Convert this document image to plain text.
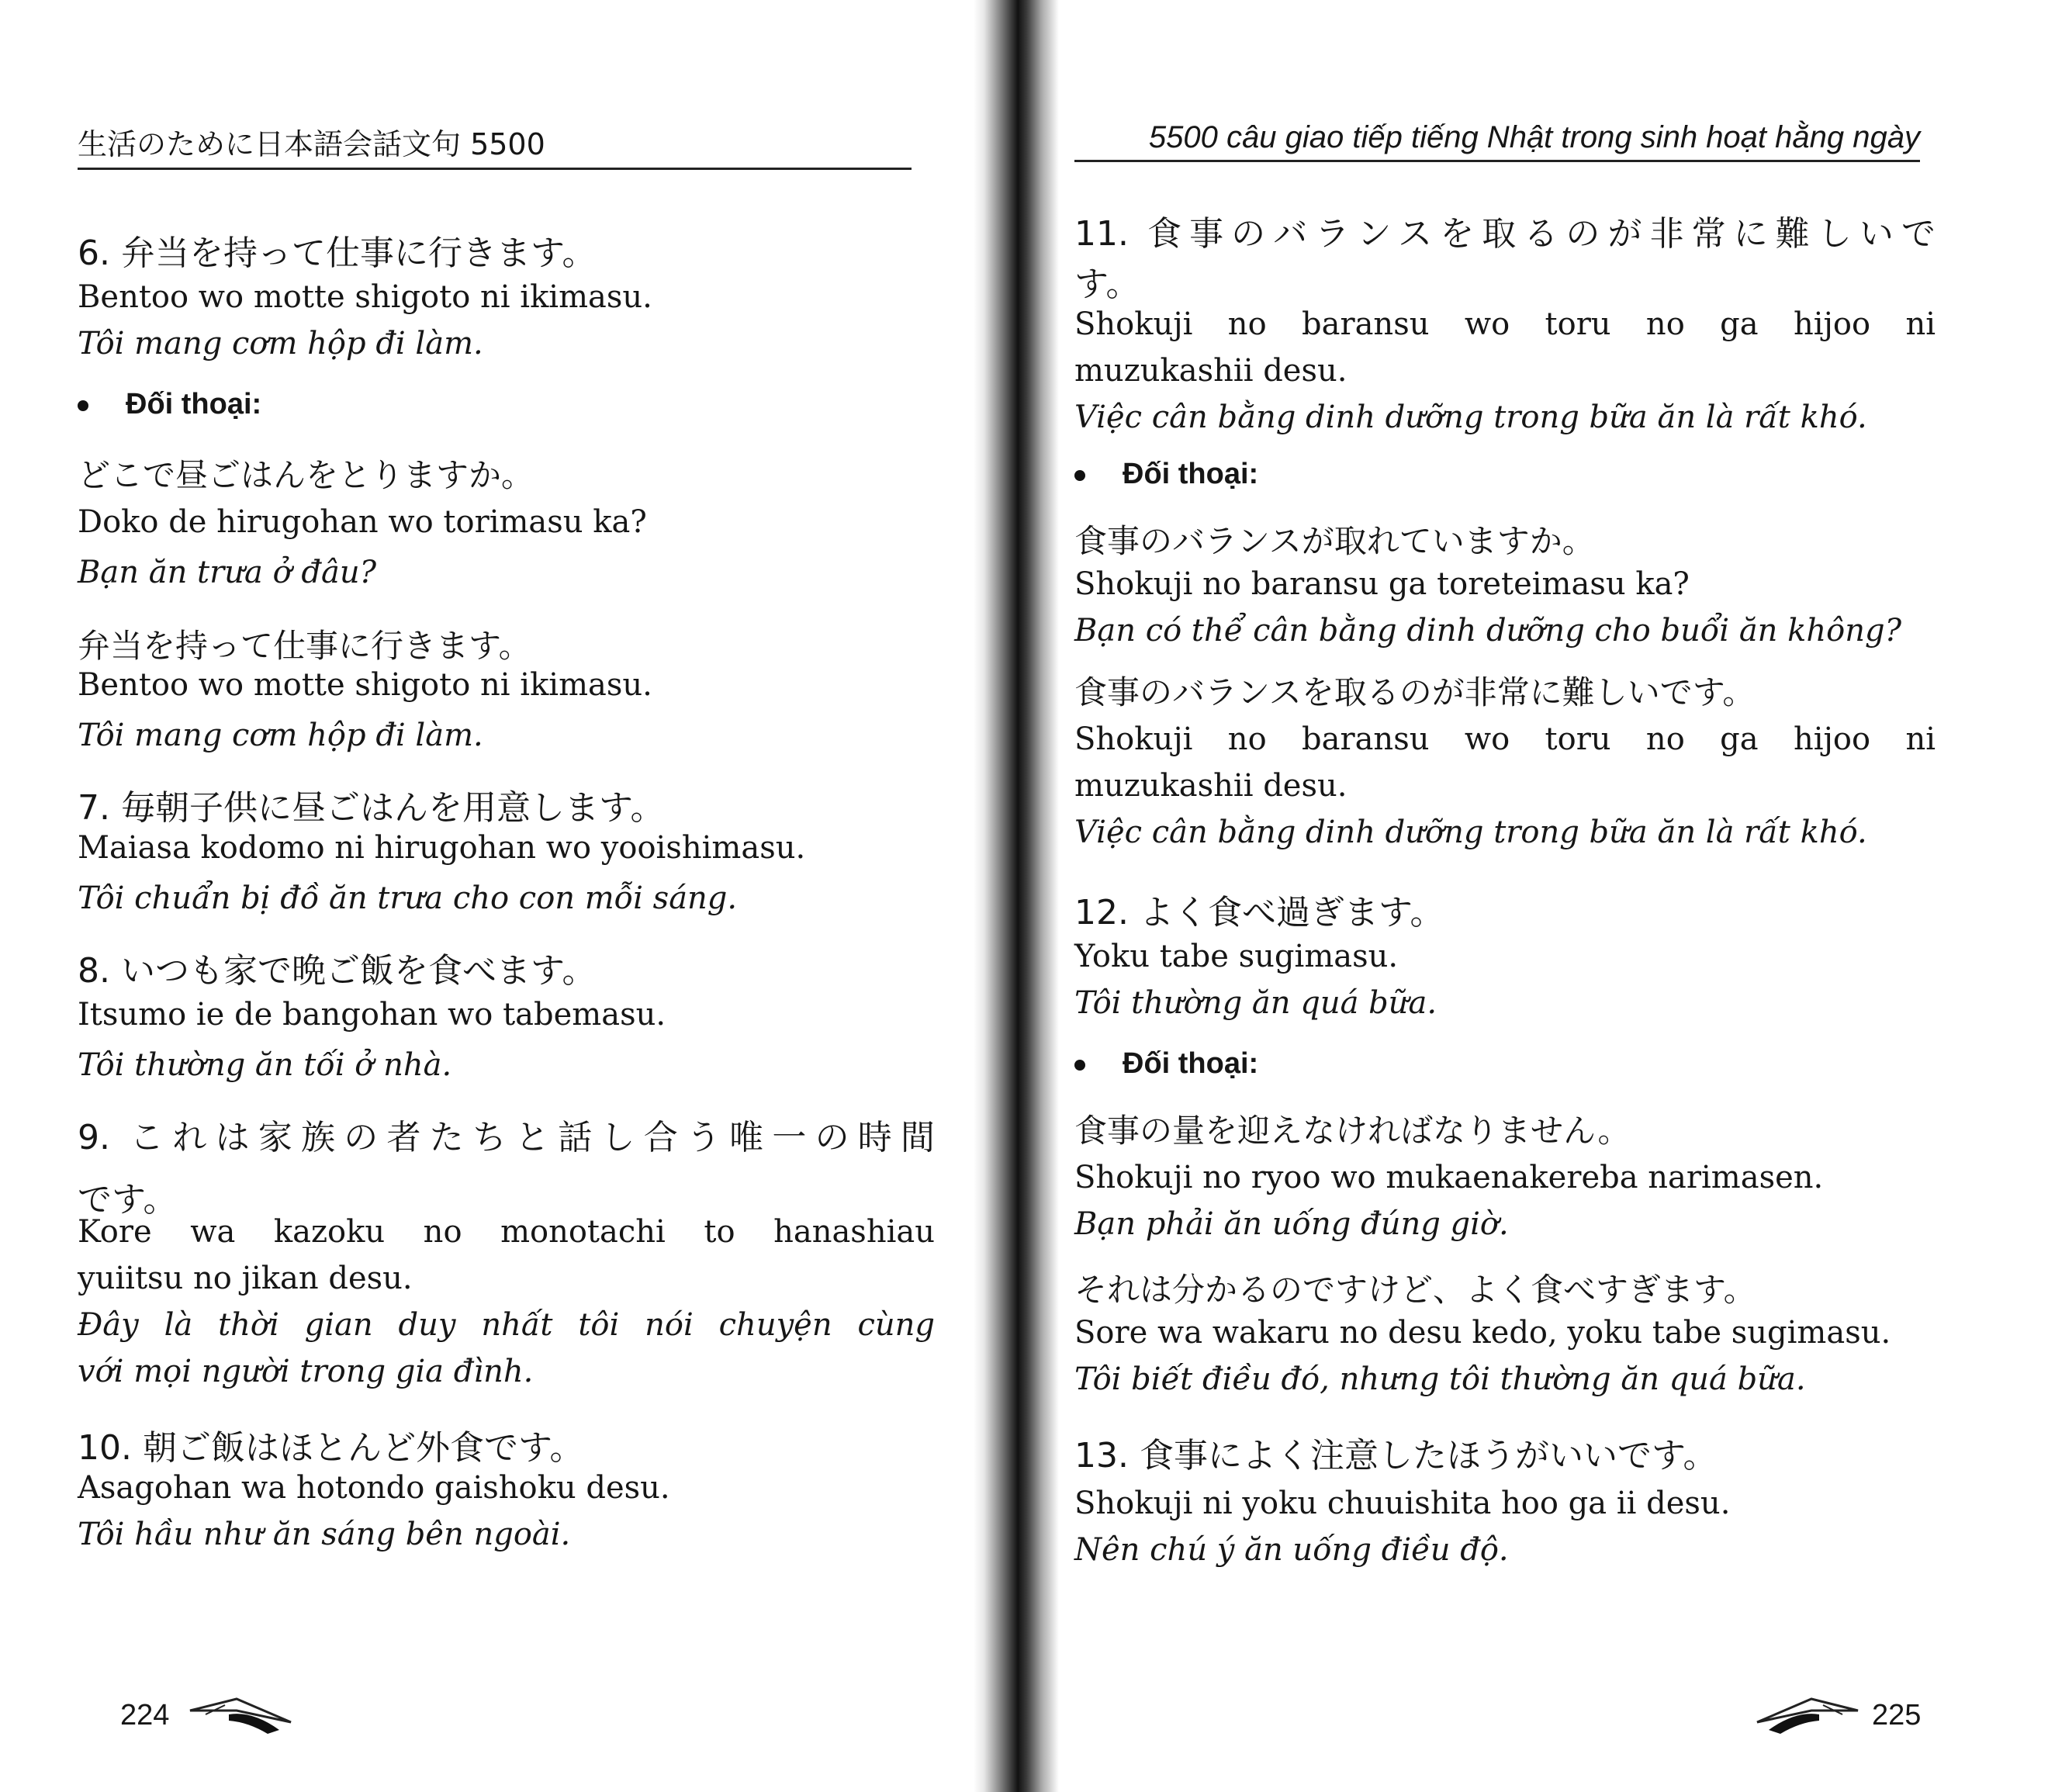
生活のために日本語会話文句 5500
6. 弁当を持って仕事に行きます。
Bentoo wo motte shigoto ni ikimasu.
Tôi mang cơm hộp đi làm.
Đối thoại:
どこで昼ごはんをとりますか。
Doko de hirugohan wo torimasu ka?
Bạn ăn trưa ở đâu?
弁当を持って仕事に行きます。
Bentoo wo motte shigoto ni ikimasu.
Tôi mang cơm hộp đi làm.
7. 毎朝子供に昼ごはんを用意します。
Maiasa kodomo ni hirugohan wo yooishimasu.
Tôi chuẩn bị đồ ăn trưa cho con mỗi sáng.
8. いつも家で晩ご飯を食べます。
Itsumo ie de bangohan wo tabemasu.
Tôi thường ăn tối ở nhà.
9. これは家族の者たちと話し合う唯一の時間
です。
Kore wa kazoku no monotachi to hanashiau
yuiitsu no jikan desu.
Đây là thời gian duy nhất tôi nói chuyện cùng
với mọi người trong gia đình.
10. 朝ご飯はほとんど外食です。
Asagohan wa hotondo gaishoku desu.
Tôi hầu như ăn sáng bên ngoài.
224
5500 câu giao tiếp tiếng Nhật trong sinh hoạt hằng ngày
11. 食事のバランスを取るのが非常に難しいで
す。
Shokuji no baransu wo toru no ga hijoo ni
muzukashii desu.
Việc cân bằng dinh dưỡng trong bữa ăn là rất khó.
Đối thoại:
食事のバランスが取れていますか。
Shokuji no baransu ga toreteimasu ka?
Bạn có thể cân bằng dinh dưỡng cho buổi ăn không?
食事のバランスを取るのが非常に難しいです。
Shokuji no baransu wo toru no ga hijoo ni
muzukashii desu.
Việc cân bằng dinh dưỡng trong bữa ăn là rất khó.
12. よく食べ過ぎます。
Yoku tabe sugimasu.
Tôi thường ăn quá bữa.
Đối thoại:
食事の量を迎えなければなりません。
Shokuji no ryoo wo mukaenakereba narimasen.
Bạn phải ăn uống đúng giờ.
それは分かるのですけど、よく食べすぎます。
Sore wa wakaru no desu kedo, yoku tabe sugimasu.
Tôi biết điều đó, nhưng tôi thường ăn quá bữa.
13. 食事によく注意したほうがいいです。
Shokuji ni yoku chuuishita hoo ga ii desu.
Nên chú ý ăn uống điều độ.
225
